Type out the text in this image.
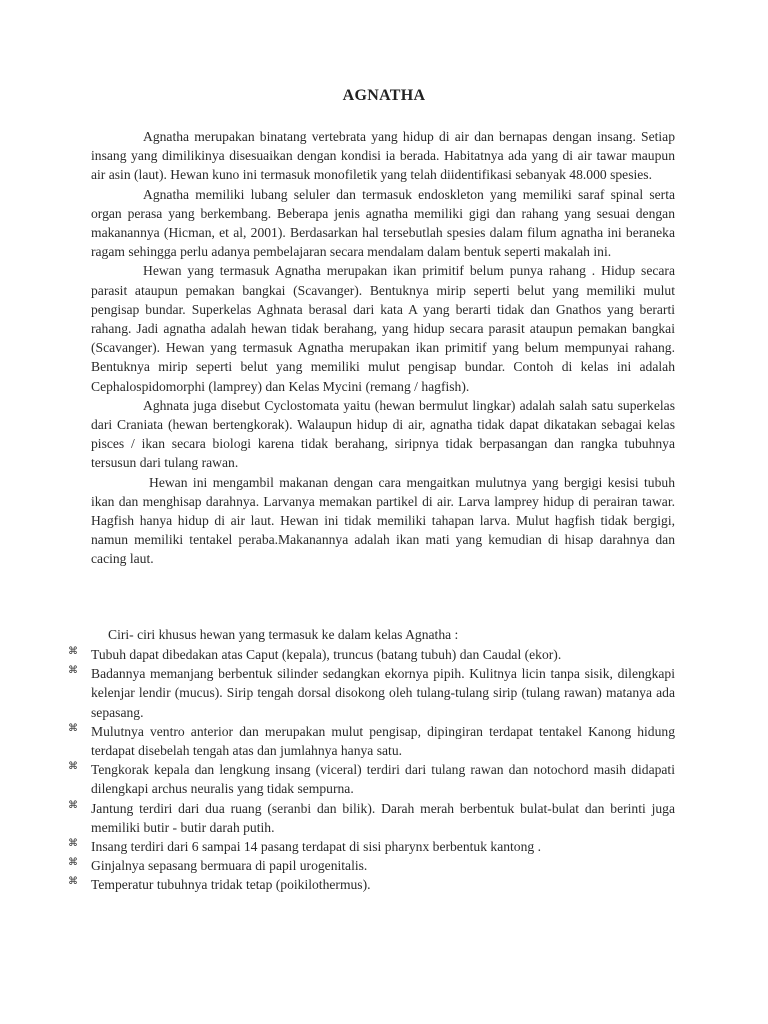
AGNATHA

Agnatha merupakan binatang vertebrata yang hidup di air dan bernapas dengan insang. Setiap insang yang dimilikinya disesuaikan dengan kondisi ia berada. Habitatnya ada yang di air tawar maupun air asin (laut). Hewan kuno ini termasuk monofiletik yang telah diidentifikasi sebanyak 48.000 spesies.

Agnatha memiliki lubang seluler dan termasuk endoskleton yang memiliki saraf spinal serta organ perasa yang berkembang. Beberapa jenis agnatha memiliki gigi dan rahang yang sesuai dengan makanannya (Hicman, et al, 2001). Berdasarkan hal tersebutlah spesies dalam filum agnatha ini beraneka ragam sehingga perlu adanya pembelajaran secara mendalam dalam bentuk seperti makalah ini.

Hewan yang termasuk Agnatha merupakan ikan primitif belum punya rahang . Hidup secara parasit ataupun pemakan bangkai (Scavanger). Bentuknya mirip seperti belut yang memiliki mulut pengisap bundar. Superkelas Aghnata berasal dari kata A yang berarti tidak dan Gnathos yang berarti rahang. Jadi agnatha adalah hewan tidak berahang, yang hidup secara parasit ataupun pemakan bangkai (Scavanger). Hewan yang termasuk Agnatha merupakan ikan primitif yang belum mempunyai rahang. Bentuknya mirip seperti belut yang memiliki mulut pengisap bundar. Contoh di kelas ini adalah Cephalospidomorphi (lamprey) dan Kelas Mycini (remang / hagfish).

Aghnata juga disebut Cyclostomata yaitu (hewan bermulut lingkar) adalah salah satu superkelas dari Craniata (hewan bertengkorak). Walaupun hidup di air, agnatha tidak dapat dikatakan sebagai kelas pisces / ikan secara biologi karena tidak berahang, siripnya tidak berpasangan dan rangka tubuhnya tersusun dari tulang rawan.

Hewan ini mengambil makanan dengan cara mengaitkan mulutnya yang bergigi kesisi tubuh ikan dan menghisap darahnya. Larvanya memakan partikel di air. Larva lamprey hidup di perairan tawar. Hagfish hanya hidup di air laut. Hewan ini tidak memiliki tahapan larva. Mulut hagfish tidak bergigi, namun memiliki tentakel peraba.Makanannya adalah ikan mati yang kemudian di hisap darahnya dan cacing laut.

Ciri- ciri khusus hewan yang termasuk ke dalam kelas Agnatha :

⌘ Tubuh dapat dibedakan atas Caput (kepala), truncus (batang tubuh) dan Caudal (ekor).
⌘ Badannya memanjang berbentuk silinder sedangkan ekornya pipih. Kulitnya licin tanpa sisik, dilengkapi kelenjar lendir (mucus). Sirip tengah dorsal disokong oleh tulang-tulang sirip (tulang rawan) matanya ada sepasang.
⌘ Mulutnya ventro anterior dan merupakan mulut pengisap, dipingiran terdapat tentakel Kanong hidung terdapat disebelah tengah atas dan jumlahnya hanya satu.
⌘ Tengkorak kepala dan lengkung insang (viceral) terdiri dari tulang rawan dan notochord masih didapati dilengkapi archus neuralis yang tidak sempurna.
⌘ Jantung terdiri dari dua ruang (seranbi dan bilik). Darah merah berbentuk bulat-bulat dan berinti juga memiliki butir - butir darah putih.
⌘ Insang terdiri dari 6 sampai 14 pasang terdapat di sisi pharynx berbentuk kantong .
⌘ Ginjalnya sepasang bermuara di papil urogenitalis.
⌘ Temperatur tubuhnya tridak tetap (poikilothermus).
